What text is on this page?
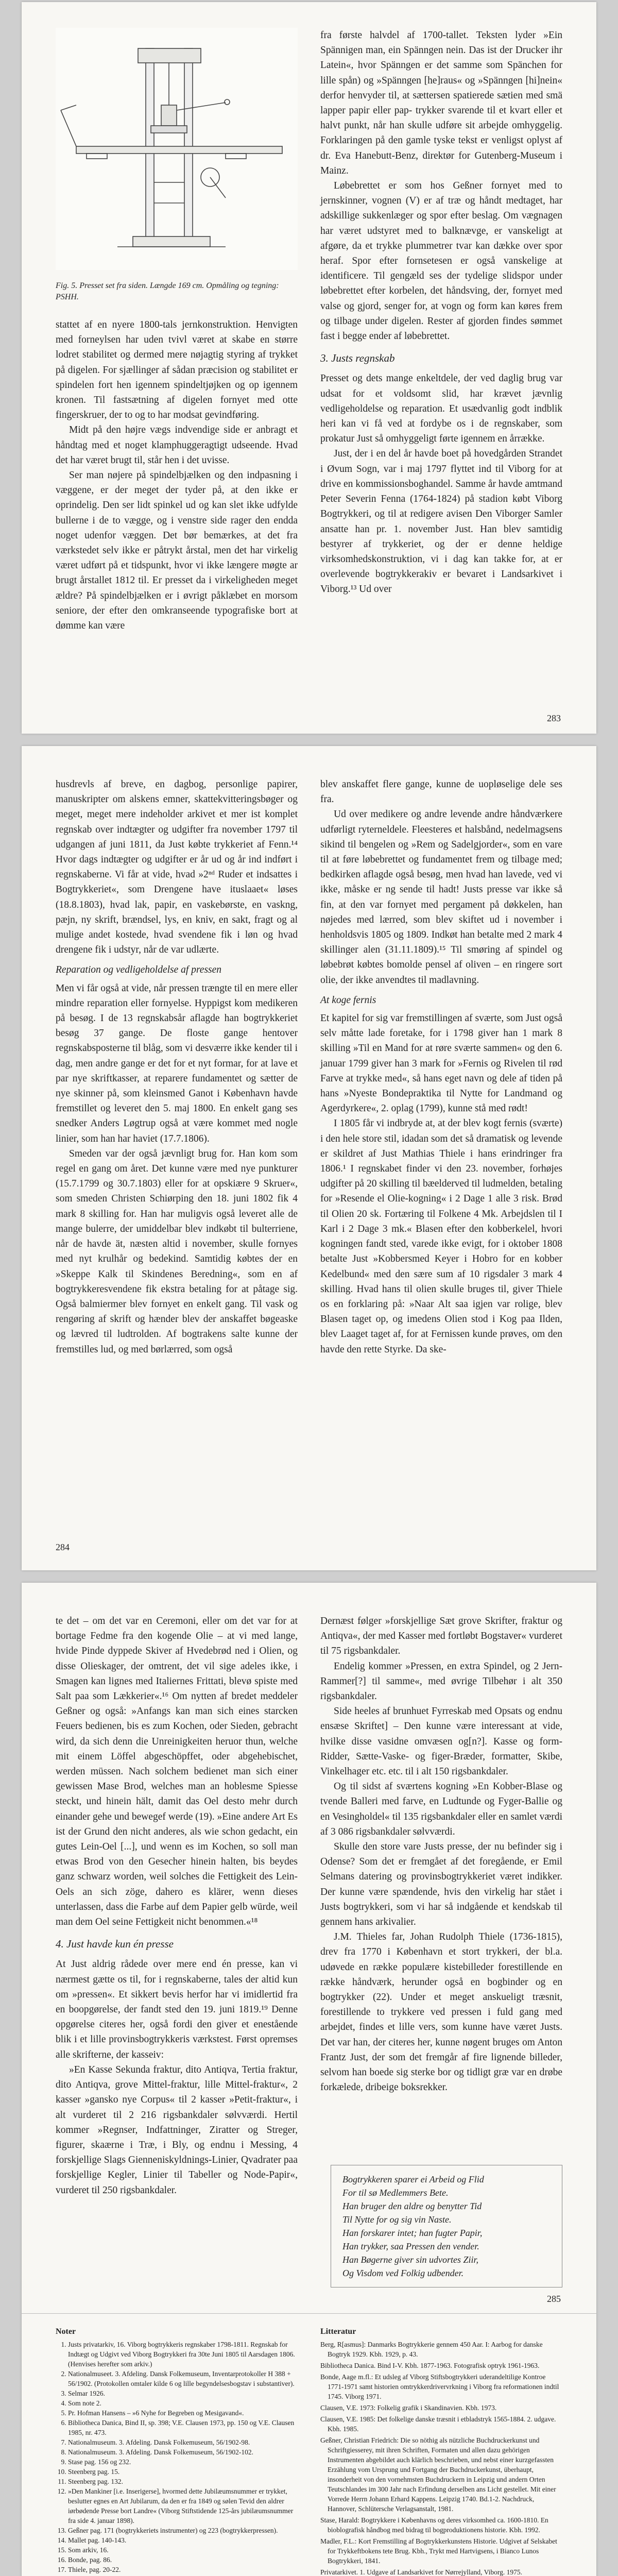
Fig. 5. Presset set fra siden. Længde 169 cm. Opmåling og tegning: PSHH.

stattet af en nyere 1800-tals jernkonstruktion. Henvigten med forneylsen har uden tvivl været at skabe en større lodret stabilitet og dermed mere nøjagtig styring af trykket på digelen. For sjællinger af sådan præcision og stabilitet er spindelen fort hen igennem spindeltjøjken og op igennem kronen. Til fastsætning af digelen fornyet med otte fingerskruer, der to og to har modsat gevindføring.

Midt på den højre vægs indvendige side er anbragt et håndtag med et noget klamphuggeragtigt udseende. Hvad det har været brugt til, står hen i det uvisse.

Ser man nøjere på spindelbjælken og den indpasning i væggene, er der meget der tyder på, at den ikke er oprindelig. Den ser lidt spinkel ud og kan slet ikke udfylde bullerne i de to vægge, og i venstre side rager den endda noget udenfor væggen. Det bør bemærkes, at det fra værkstedet selv ikke er påtrykt årstal, men det har virkelig været udført på et tidspunkt, hvor vi ikke længere møgte ar brugt årstallet 1812 til. Er presset da i virkeligheden meget ældre? På spindelbjælken er i øvrigt påklæbet en morsom seniore, der efter den omkranseende typografiske bort at dømme kan være

fra første halvdel af 1700-tallet. Teksten lyder »Ein Spännigen man, ein Spänngen nein. Das ist der Drucker ihr Latein«, hvor Spänngen er det samme som Spänchen for lille spån) og »Spänngen [he]raus« og »Spänngen [hi]nein« derfor henvyder til, at sættersen spatierede sætien med smä lapper papir eller pap- trykker svarende til et kvart eller et halvt punkt, når han skulle udføre sit arbejde omhyggelig. Forklaringen på den gamle tyske tekst er venligst oplyst af dr. Eva Hanebutt-Benz, direktør for Gutenberg-Museum i Mainz.

Løbebrettet er som hos Geßner fornyet med to jernskinner, vognen (V) er af træ og håndt medtaget, har adskillige sukkenlæger og spor efter beslag. Om vægnagen har været udstyret med to balknævge, er vanskeligt at afgøre, da et trykke plummetrer tvar kan dække over spor heraf. Spor efter fornsetesen er også vanskelige at identificere. Til gengæld ses der tydelige slidspor under løbebrettet efter korbelen, det håndsving, der, fornyet med valse og gjord, senger for, at vogn og form kan køres frem og tilbage under digelen. Rester af gjorden findes sømmet fast i begge ender af løbebrettet.

3. Justs regnskab

Presset og dets mange enkeltdele, der ved daglig brug var udsat for et voldsomt slid, har krævet jævnlig vedligeholdelse og reparation. Et usædvanlig godt indblik heri kan vi få ved at fordybe os i de regnskaber, som prokatur Just så omhyggeligt førte igennem en årrække.

Just, der i en del år havde boet på hovedgården Strandet i Øvum Sogn, var i maj 1797 flyttet ind til Viborg for at drive en kommissionsboghandel. Samme år havde amtmand Peter Severin Fenna (1764-1824) på stadion købt Viborg Bogtrykkeri, og til at redigere avisen Den Viborger Samler ansatte han pr. 1. november Just. Han blev samtidig bestyrer af trykkeriet, og der er denne heldige virksomhedskonstruktion, vi i dag kan takke for, at er overlevende bogtrykkerakiv er bevaret i Landsarkivet i Viborg.¹³ Ud over

283

husdrevls af breve, en dagbog, personlige papirer, manuskripter om alskens emner, skattekvitteringsbøger og meget, meget mere indeholder arkivet et mer ist komplet regnskab over indtægter og udgifter fra november 1797 til udgangen af juni 1811, da Just købte trykkeriet af Fenn.¹⁴ Hvor dags indtægter og udgifter er år ud og år ind indført i regnskaberne. Vi får at vide, hvad »2ⁿᵈ Ruder et indsattes i Bogtrykkeriet«, som Drengene have ituslaaet« løses (18.8.1803), hvad lak, papir, en vaskebørste, en vaskng, pæjn, ny skrift, brændsel, lys, en kniv, en sakt, fragt og al mulige andet kostede, hvad svendene fik i løn og hvad drengene fik i udstyr, når de var udlærte.

Reparation og vedligeholdelse af pressen

Men vi får også at vide, når pressen trængte til en mere eller mindre reparation eller fornyelse. Hyppigst kom medikeren på besøg. I de 13 regnskabsår aflagde han bogtrykkeriet besøg 37 gange. De floste gange hentover regnskabsposterne til blåg, som vi desværre ikke kender til i dag, men andre gange er det for et nyt formar, for at lave et par nye skriftkasser, at reparere fundamentet og sætter de nye skinner på, som kleinsmed Ganot i København havde fremstillet og leveret den 5. maj 1800. En enkelt gang ses snedker Anders Løgtrup også at være kommet med nogle linier, som han har haviet (17.7.1806).

Smeden var der også jævnligt brug for. Han kom som regel en gang om året. Det kunne være med nye punkturer (15.7.1799 og 30.7.1803) eller for at opskiære 9 Skruer«, som smeden Christen Schiørping den 18. juni 1802 fik 4 mark 8 skilling for. Han har muligvis også leveret alle de mange bulerre, der umiddelbar blev indkøbt til bulterriene, når de havde ät, næsten altid i november, skulle fornyes med nyt krulhår og bedekind. Samtidig købtes der en »Skeppe Kalk til Skindenes Beredning«, som en af bogtrykkeresvendene fik ekstra betaling for at påtage sig. Også balmiermer blev fornyet en enkelt gang. Til vask og rengøring af skrift og hænder blev der anskaffet bøgeaske og lævred til ludtrolden. Af bogtrakens salte kunne der fremstilles lud, og med børlærred, som også

284

blev anskaffet flere gange, kunne de uopløselige dele ses fra.

Ud over medikere og andre levende andre håndværkere udførligt ryterneldele. Fleesteres et halsbånd, nedelmagsens sikind til bengelen og »Rem og Sadelgjorder«, som en vare til at føre løbebrettet og fundamentet frem og tilbage med; bedkirken aflagde også besøg, men hvad han lavede, ved vi ikke, måske er ng sende til hadt! Justs presse var ikke så fin, at den var fornyet med pergament på døkkelen, han nøjedes med lærred, som blev skiftet ud i november i henholdsvis 1805 og 1809. Indkøt han betalte med 2 mark 4 skillinger alen (31.11.1809).¹⁵ Til smøring af spindel og løbebrøt købtes bomolde pensel af oliven – en ringere sort olie, der ikke anvendtes til madlavning.

At koge fernis

Et kapitel for sig var fremstillingen af sværte, som Just også selv måtte lade foretake, for i 1798 giver han 1 mark 8 skilling »Til en Mand for at røre sværte sammen« og den 6. januar 1799 giver han 3 mark for »Fernis og Rivelen til rød Farve at trykke med«, så hans eget navn og dele af tiden på hans »Nyeste Bondepraktika til Nytte for Landmand og Agerdyrkere«, 2. oplag (1799), kunne stå med rødt!

I 1805 får vi indbryde at, at der blev kogt fernis (sværte) i den hele store stil, idadan som det så dramatisk og levende er skildret af Just Mathias Thiele i hans erindringer fra 1806.¹ I regnskabet finder vi den 23. november, forhøjes udgifter på 20 skilling til bæelderved til ludmelden, betaling for »Resende el Olie-kogning« i 2 Dage 1 alle 3 risk. Brød til Olien 20 sk. Fortæring til Folkene 4 Mk. Arbejdslen til I Karl i 2 Dage 3 mk.« Blasen efter den kobberkelel, hvori kogningen fandt sted, varede ikke evigt, for i oktober 1808 betalte Just »Kobbersmed Keyer i Hobro for en kobber Kedelbund« med den sære sum af 10 rigsdaler 3 mark 4 skilling. Hvad hans til olien skulle bruges til, giver Thiele os en forklaring på: »Naar Alt saa igjen var rolige, blev Blasen taget op, og imedens Olien stod i Kog paa Ilden, blev Laaget taget af, for at Fernissen kunde prøves, om den havde den rette Styrke. Da ske-

te det – om det var en Ceremoni, eller om det var for at bortage Fedme fra den kogende Olie – at vi med lange, hvide Pinde dyppede Skiver af Hvedebrød ned i Olien, og disse Olieskager, der omtrent, det vil sige adeles ikke, i Smagen kan lignes med Italiernes Frittati, blevø spiste med Salt paa som Lækkerier«.¹⁶ Om nytten af bredet meddeler Geßner og også: »Anfangs kan man sich eines starcken Feuers bedienen, bis es zum Kochen, oder Sieden, gebracht wird, da sich denn die Unreinigkeiten heruor thun, welche mit einem Löffel abgeschöpffet, oder abgehebischet, werden müssen. Nach solchem bedienet man sich einer gewissen Mase Brod, welches man an hoblesme Spiesse steckt, und hinein hält, damit das Oel desto mehr durch einander gehe und bewegef werde (19). »Eine andere Art Es ist der Grund den nicht anderes, als wie schon gedacht, ein gutes Lein-Oel [...], und wenn es im Kochen, so soll man etwas Brod von den Gesecher hinein halten, bis beydes ganz schwarz worden, weil solches die Fettigkeit des Lein-Oels an sich zöge, dahero es klärer, wenn dieses unterlassen, dass die Farbe auf dem Papier gelb würde, weil man dem Oel seine Fettigkeit nicht benommen.«¹⁸

4. Just havde kun én presse

At Just aldrig rådede over mere end én presse, kan vi nærmest gætte os til, for i regnskaberne, tales der altid kun om »pressen«. Et sikkert bevis herfor har vi imidlertid fra en boopgørelse, der fandt sted den 19. juni 1819.¹⁹ Denne opgørelse citeres her, også fordi den giver et enestående blik i et lille provinsbogtrykkeris værkstest. Først opremses alle skrifterne, der kasseiv:

»En Kasse Sekunda fraktur, dito Antiqva, Tertia fraktur, dito Antiqva, grove Mittel-fraktur, lille Mittel-fraktur«, 2 kasser »gansko nye Corpus« til 2 kasser »Petit-fraktur«, i alt vurderet til 2 216 rigsbankdaler sølvværdi. Hertil kommer »Regnser, Indfattninger, Ziratter og Streger, figurer, skaærne i Træ, i Bly, og endnu i Messing, 4 forskjellige Slags Gienneniskyldnings-Linier, Qvadrater paa forskjellige Kegler, Linier til Tabeller og Node-Papir«, vurderet til 250 rigsbankdaler.

Dernæst følger »forskjellige Sæt grove Skrifter, fraktur og Antiqva«, der med Kasser med fortløbt Bogstaver« vurderet til 75 rigsbankdaler.

Endelig kommer »Pressen, en extra Spindel, og 2 Jern-Rammer[?] til samme«, med øvrige Tilbehør i alt 350 rigsbankdaler.

Side heeles af brunhuet Fyrreskab med Opsats og endnu ensæse Skriftet] – Den kunne være interessant at vide, hvilke disse vasidne omvæsen og[n?]. Kasse og form-Ridder, Sætte-Vaske- og figer-Bræder, formatter, Skibe, Vinkelhager etc. etc. til i alt 150 rigsbankdaler.

Og til sidst af sværtens kogning »En Kobber-Blase og tvende Balleri med farve, en Ludtunde og Fyger-Ballie og en Vesingholdel« til 135 rigsbankdaler eller en samlet værdi af 3 086 rigsbankdaler sølvværdi.

Skulle den store vare Justs presse, der nu befinder sig i Odense? Som det er fremgået af det foregående, er Emil Selmans datering og provinsbogtrykkeriet været indikker. Der kunne være spændende, hvis den virkelig har stået i Justs bogtrykkeri, som vi har så indgående et kendskab til gennem hans arkivalier.

J.M. Thieles far, Johan Rudolph Thiele (1736-1815), drev fra 1770 i København et stort trykkeri, der bl.a. udøvede en række populære kistebilleder forestillende en række håndværk, herunder også en bogbinder og en bogtrykker (22). Under et meget anskueligt træsnit, forestillende to trykkere ved pressen i fuld gang med arbejdet, findes et lille vers, som kunne have været Justs. Det var han, der citeres her, kunne nøgent bruges om Anton Frantz Just, der som det fremgår af fire lignende billeder, selvom han boede sig sterke bor og tidligt græ var en drøbe forkælede, dribeige boksrekker.

Bogtrykkeren sparer ei Arbeid og Flid
For til sø Medlemmers Bete.
Han bruger den aldre og benytter Tid
Til Nytte for og sig vin Naste.
Han forskarer intet; han fugter Papir,
Han trykker, saa Pressen den vender.
Han Bøgerne giver sin udvortes Ziir,
Og Visdom ved Folkig udbender.
285
Noter
1. Justs privatarkiv, 16. Viborg bogtrykkeris regnskaber 1798-1811. Regnskab for Indtægt og Udgivt ved Viborg Bogtrykkeri fra 30te Juni 1805 til Aarsdagen 1806. (Henvises herefter som arkiv.)
2. Nationalmuseet. 3. Afdeling. Dansk Folkemuseum, Inventarprotokoller H 388 + 56/1902. (Protokollen omtaler kilde 6 og lille begyndelsesbogstav i substantiver).
3. Selmar 1926.
4. Som note 2.
5. Pr. Hofman Hansens – »6 Nyhe for Begreben og Mesigavand«.
6. Bibliotheca Danica, Bind II, sp. 398; V.E. Clausen 1973, pp. 150 og V.E. Clausen 1985, nr. 473.
7. Nationalmuseum. 3. Afdeling. Dansk Folkemuseum, 56/1902-98.
8. Nationalmuseum. 3. Afdeling. Dansk Folkemuseum, 56/1902-102.
9. Stase pag. 156 og 232.
10. Steenberg pag. 15.
11. Steenberg pag. 132.
12. »Den Mankiner [i.e. Inserigerse], hvormed dette Jubilæumsnummer er trykket, beslutter egnes en Art Jubilarum, da den er fra 1849 og sølen Tevid den aldrer iørbødende Presse bort Landre« (Viborg Stiftstidende 125-års jubilæumsnummer fra side 4. januar 1898).
13. Geßner pag. 171 (bogtrykkeriets instrumenter) og 223 (bogtrykkerpressen).
14. Mallet pag. 140-143.
15. Som arkiv, 16.
16. Bonde, pag. 86.
17. Thiele, pag. 20-22.
18.
Litteratur

Berg, R[asmus]: Danmarks Bogtrykkerie gennem 450 Aar. I: Aarbog for danske Bogtryk 1929. Kbh. 1929, p. 43.

Bibliotheca Danica. Bind I-V. Kbh. 1877-1963. Fotografisk optryk 1961-1963.

Bonde, Aage m.fl.: Et udsleg af Viborg Stiftsbogtrykkeri uderandeltilige Kontroe 1771-1971 samt historien omtrykkerdrivervrkning i Viborg fra reformationen indtil 1745. Viborg 1971.

Clausen, V.E. 1973: Folkelig grafik i Skandinavien. Kbh. 1973.

Clausen, V.E. 1985: Det folkelige danske træsnit i etbladstryk 1565-1884. 2. udgave. Kbh. 1985.

Geßner, Christian Friedrich: Die so nöthig als nützliche Buchdruckerkunst und Schriftgiesserey, mit ihren Schriften, Formaten und allen dazu gehörigen Instrumenten abgebildet auch klärlich beschrieben, und nebst einer kurzgefassten Erzählung vom Ursprung und Fortgang der Buchdruckerkunst, überhaupt, insonderheit von den vornehmsten Buchdruckern in Leipzig und andern Orten Teutschlandes im 300 Jahr nach Erfindung derselben ans Licht gestellet. Mit einer Vorrede Herrn Johann Erhard Kappens. Leipzig 1740. Bd.1-2. Nachdruck, Hannover, Schlütersche Verlagsanstalt, 1981.

Stase, Harald: Bogtrykkere i Københavns og deres virksomhed ca. 1600-1810. En bioblografisk håndbog med bidrag til bogproduktionens historie. Kbh. 1992.

Madler, F.L.: Kort Fremstilling af Bogtrykkerkunstens Historie. Udgivet af Selskabet for Trykkeftbokens tete Brug. Kbh., Trykt med Hartvigsens, i Bianco Lunos Bogtrykkeri, 1841.

Privatarkivet. 1. Udgave af Landsarkivet for Nørrejylland, Viborg. 1975.
